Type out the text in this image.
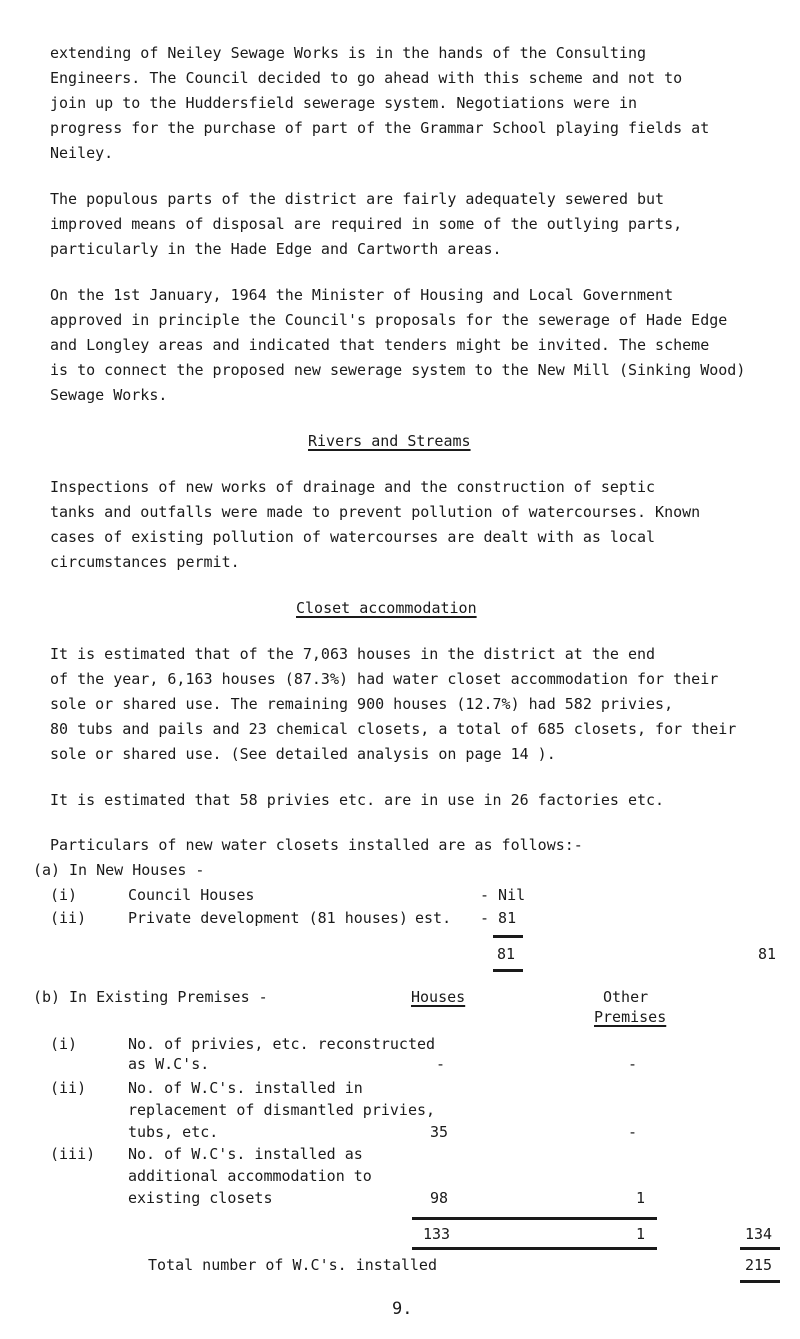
extending of Neiley Sewage Works is in the hands of the Consulting
Engineers. The Council decided to go ahead with this scheme and not to
join up to the Huddersfield sewerage system. Negotiations were in
progress for the purchase of part of the Grammar School playing fields at
Neiley.
The populous parts of the district are fairly adequately sewered but
improved means of disposal are required in some of the outlying parts,
particularly in the Hade Edge and Cartworth areas.
On the 1st January, 1964 the Minister of Housing and Local Government
approved in principle the Council's proposals for the sewerage of Hade Edge
and Longley areas and indicated that tenders might be invited. The scheme
is to connect the proposed new sewerage system to the New Mill (Sinking Wood)
Sewage Works.
Rivers and Streams
Inspections of new works of drainage and the construction of septic
tanks and outfalls were made to prevent pollution of watercourses. Known
cases of existing pollution of watercourses are dealt with as local
circumstances permit.
Closet accommodation
It is estimated that of the 7,063 houses in the district at the end
of the year, 6,163 houses (87.3%) had water closet accommodation for their
sole or shared use. The remaining 900 houses (12.7%) had 582 privies,
80 tubs and pails and 23 chemical closets, a total of 685 closets, for their
sole or shared use. (See detailed analysis on page 14 ).
It is estimated that 58 privies etc. are in use in 26 factories etc.
Particulars of new water closets installed are as follows:-
(a) In New Houses -
(i)	Council Houses	- Nil
(ii)	Private development (81 houses) est. - 81
81	81
(b) In Existing Premises -	Houses	Other
Premises
(i)	No. of privies, etc. reconstructed
as W.C's.	-	-
(ii)	No. of W.C's. installed in
replacement of dismantled privies,
tubs, etc.	35	-
(iii) No. of W.C's. installed as
additional accommodation to
existing closets	98	1
133	1	134
Total number of W.C's. installed	215
9.
